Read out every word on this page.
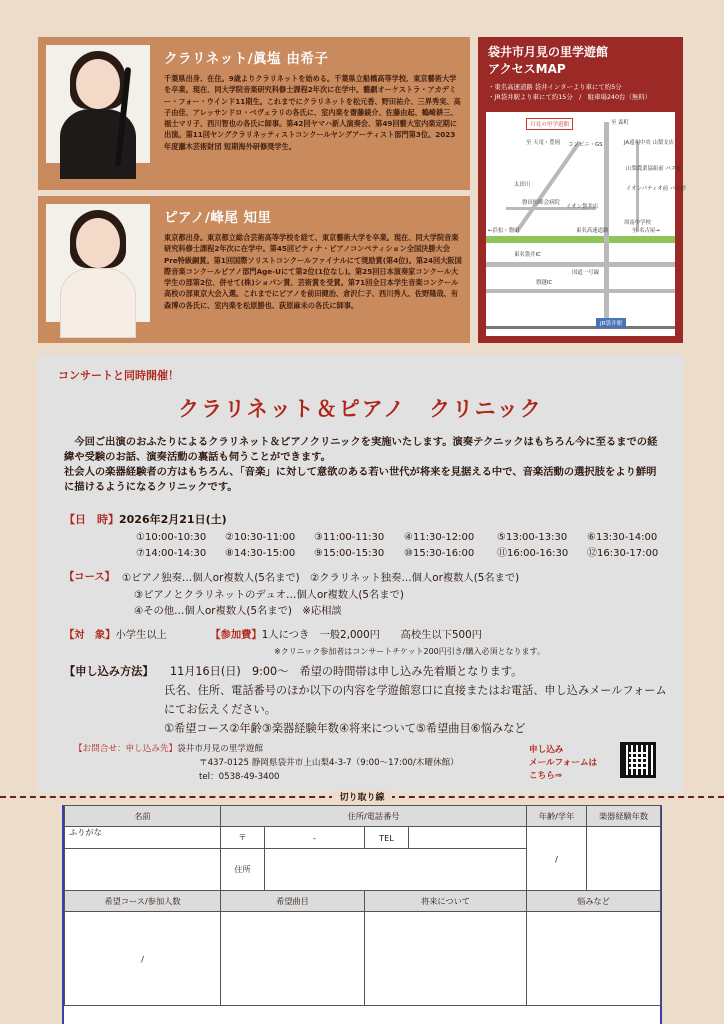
クラリネット/眞塩 由希子
千葉県出身、在住。9歳よりクラリネットを始める。千葉県立船橋高等学校、東京藝術大学を卒業。現在、同大学院音楽研究科修士課程2年次に在学中。藝劇オーケストラ・アカデミー・フォー・ウインド11期生。これまでにクラリネットを松元香、野田祐介、三界秀実、高子由佳、アレッサンドロ・ベヴェラリの各氏に、室内楽を齋藤綾介、佐藤由起、鶴崎耕三、福士マリ子、西川智也の各氏に師事。第42回ヤマハ新人演奏会、第49回藝大室内楽定期に出演。第11回ヤングクラリネッティストコンクールヤングアーティスト部門第3位。2023年度瀬木芸術財団 短期海外研修奨学生。
ピアノ/峰尾 知里
東京都出身。東京都立総合芸術高等学校を経て、東京藝術大学を卒業。現在、同大学院音楽研究科修士課程2年次に在学中。第45回ピティナ・ピアノコンペティション全国決勝大会Pre特級銅賞。第1回国際ソリストコンクールファイナルにて奨励賞(第4位)。第24回大阪国際音楽コンクールピアノ部門Age-Uにて第2位(1位なし)。第25回日本演奏家コンクール大学生の部第2位、併せて(株)ショパン賞、芸術賞を受賞。第71回全日本学生音楽コンクール高校の部東京大会入選。これまでにピアノを前田健治、倉沢仁子、西川秀人、佐野隆哉、有森博の各氏に、室内楽を松原勝也、荻原麻未の各氏に師事。
袋井市月見の里学遊館
アクセスMAP
・東名高速道路 袋井インターより車にて約5分
・JR袋井駅より車にて約15分　/　駐車場240台（無料）
月見の里学遊館	至 森町
至 天竜・豊岡 コンビニ・GS	JA遠州中央 山梨支店
山梨農業協組前 バス停
イオンパティオ前 バス停
太田川
磐田医師会病院
イオン袋井店
周南中学校
←浜松・磐田	東名高速道路	至 名古屋→
東名袋井IC
国道一号線
磐越IC
JR袋井駅
コンサートと同時開催！
クラリネット＆ピアノ　クリニック
今回ご出演のおふたりによるクラリネット＆ピアノクリニックを実施いたします。演奏テクニックはもちろん今に至るまでの経緯や受験のお話、演奏活動の裏話も伺うことができます。
社会人の楽器経験者の方はもちろん、「音楽」に対して意欲のある若い世代が将来を見据える中で、音楽活動の選択肢をより鮮明に描けるようになるクリニックです。
【日　時】2026年2月21日(土)
①10:00-10:30	②10:30-11:00	③11:00-11:30	④11:30-12:00	⑤13:00-13:30	⑥13:30-14:00
⑦14:00-14:30	⑧14:30-15:00	⑨15:00-15:30	⑩15:30-16:00	⑪16:00-16:30	⑫16:30-17:00
【コース】 ①ピアノ独奏…個人or複数人(5名まで)　②クラリネット独奏…個人or複数人(5名まで)
③ピアノとクラリネットのデュオ…個人or複数人(5名まで)
④その他…個人or複数人(5名まで)　※応相談
【対　象】小学生以上	【参加費】1人につき　一般2,000円　　高校生以下500円
※クリニック参加者はコンサートチケット200円引き/購入必須となります。
【申し込み方法】 11月16日(日)　9:00～　希望の時間帯は申し込み先着順となります。
氏名、住所、電話番号のほか以下の内容を学遊館窓口に直接またはお電話、申し込みメールフォームにてお伝えください。
①希望コース②年齢③楽器経験年数④将来について⑤希望曲目⑥悩みなど
【お問合せ：申し込み先】袋井市月見の里学遊館
〒437-0125 静岡県袋井市上山梨4-3-7（9:00～17:00/木曜休館）
tel：0538-49-3400
申し込み
メールフォームは
こちら⇒
切り取り線
名前	住所/電話番号				年齢/学年	楽器経験年数
ふりがな	〒	-	TEL		/	
	住所					

希望コース/参加人数	希望曲目		将来について		悩みなど	
/						
